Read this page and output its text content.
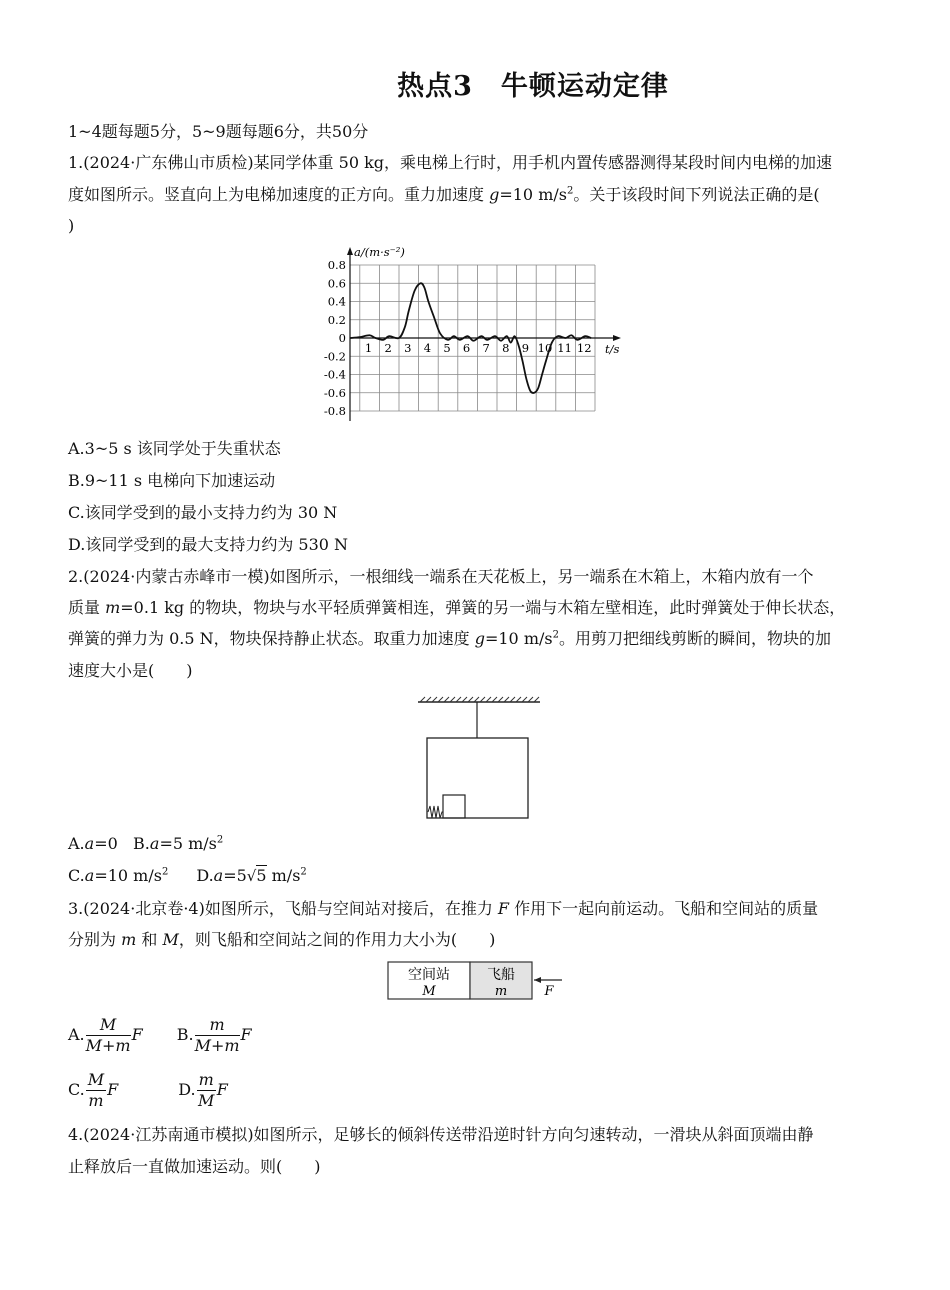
热点3　牛顿运动定律
1~4题每题5分，5~9题每题6分，共50分
1.(2024·广东佛山市质检)某同学体重 50 kg，乘电梯上行时，用手机内置传感器测得某段时间内电梯的加速
度如图所示。竖直向上为电梯加速度的正方向。重力加速度 g=10 $m/s^2$。关于该段时间下列说法正确的是(
)
0.8
0.6
0.4
0.2
0
-0.2
-0.4
-0.6
-0.8
1 2 3 4 5 6 7 8 9 10 11 12
a/(m·s⁻²)
t/s
A.3~5 s 该同学处于失重状态
B.9~11 s 电梯向下加速运动
C.该同学受到的最小支持力约为 30 N
D.该同学受到的最大支持力约为 530 N
2.(2024·内蒙古赤峰市一模)如图所示，一根细线一端系在天花板上，另一端系在木箱上，木箱内放有一个
质量 m=0.1 kg 的物块，物块与水平轻质弹簧相连，弹簧的另一端与木箱左壁相连，此时弹簧处于伸长状态，
弹簧的弹力为 0.5 N，物块保持静止状态。取重力加速度 g=10 $m/s^2$。用剪刀把细线剪断的瞬间，物块的加
速度大小是(　　)
A.a=0 B.a=5 $m/s^2$
C.a=10 $m/s^2$ D.a=5√5 $m/s^2$
3.(2024·北京卷·4)如图所示，飞船与空间站对接后，在推力 F 作用下一起向前运动。飞船和空间站的质量
分别为 m 和 M，则飞船和空间站之间的作用力大小为(　　)
空间站
M
飞船
m	F
A. $\frac{M}{M+m}$ F B. $\frac{m}{M+m}$ F
C. $\frac{M}{m}$ F	D. $\frac{m}{M}$ F
4.(2024·江苏南通市模拟)如图所示，足够长的倾斜传送带沿逆时针方向匀速转动，一滑块从斜面顶端由静
止释放后一直做加速运动。则(　　)
